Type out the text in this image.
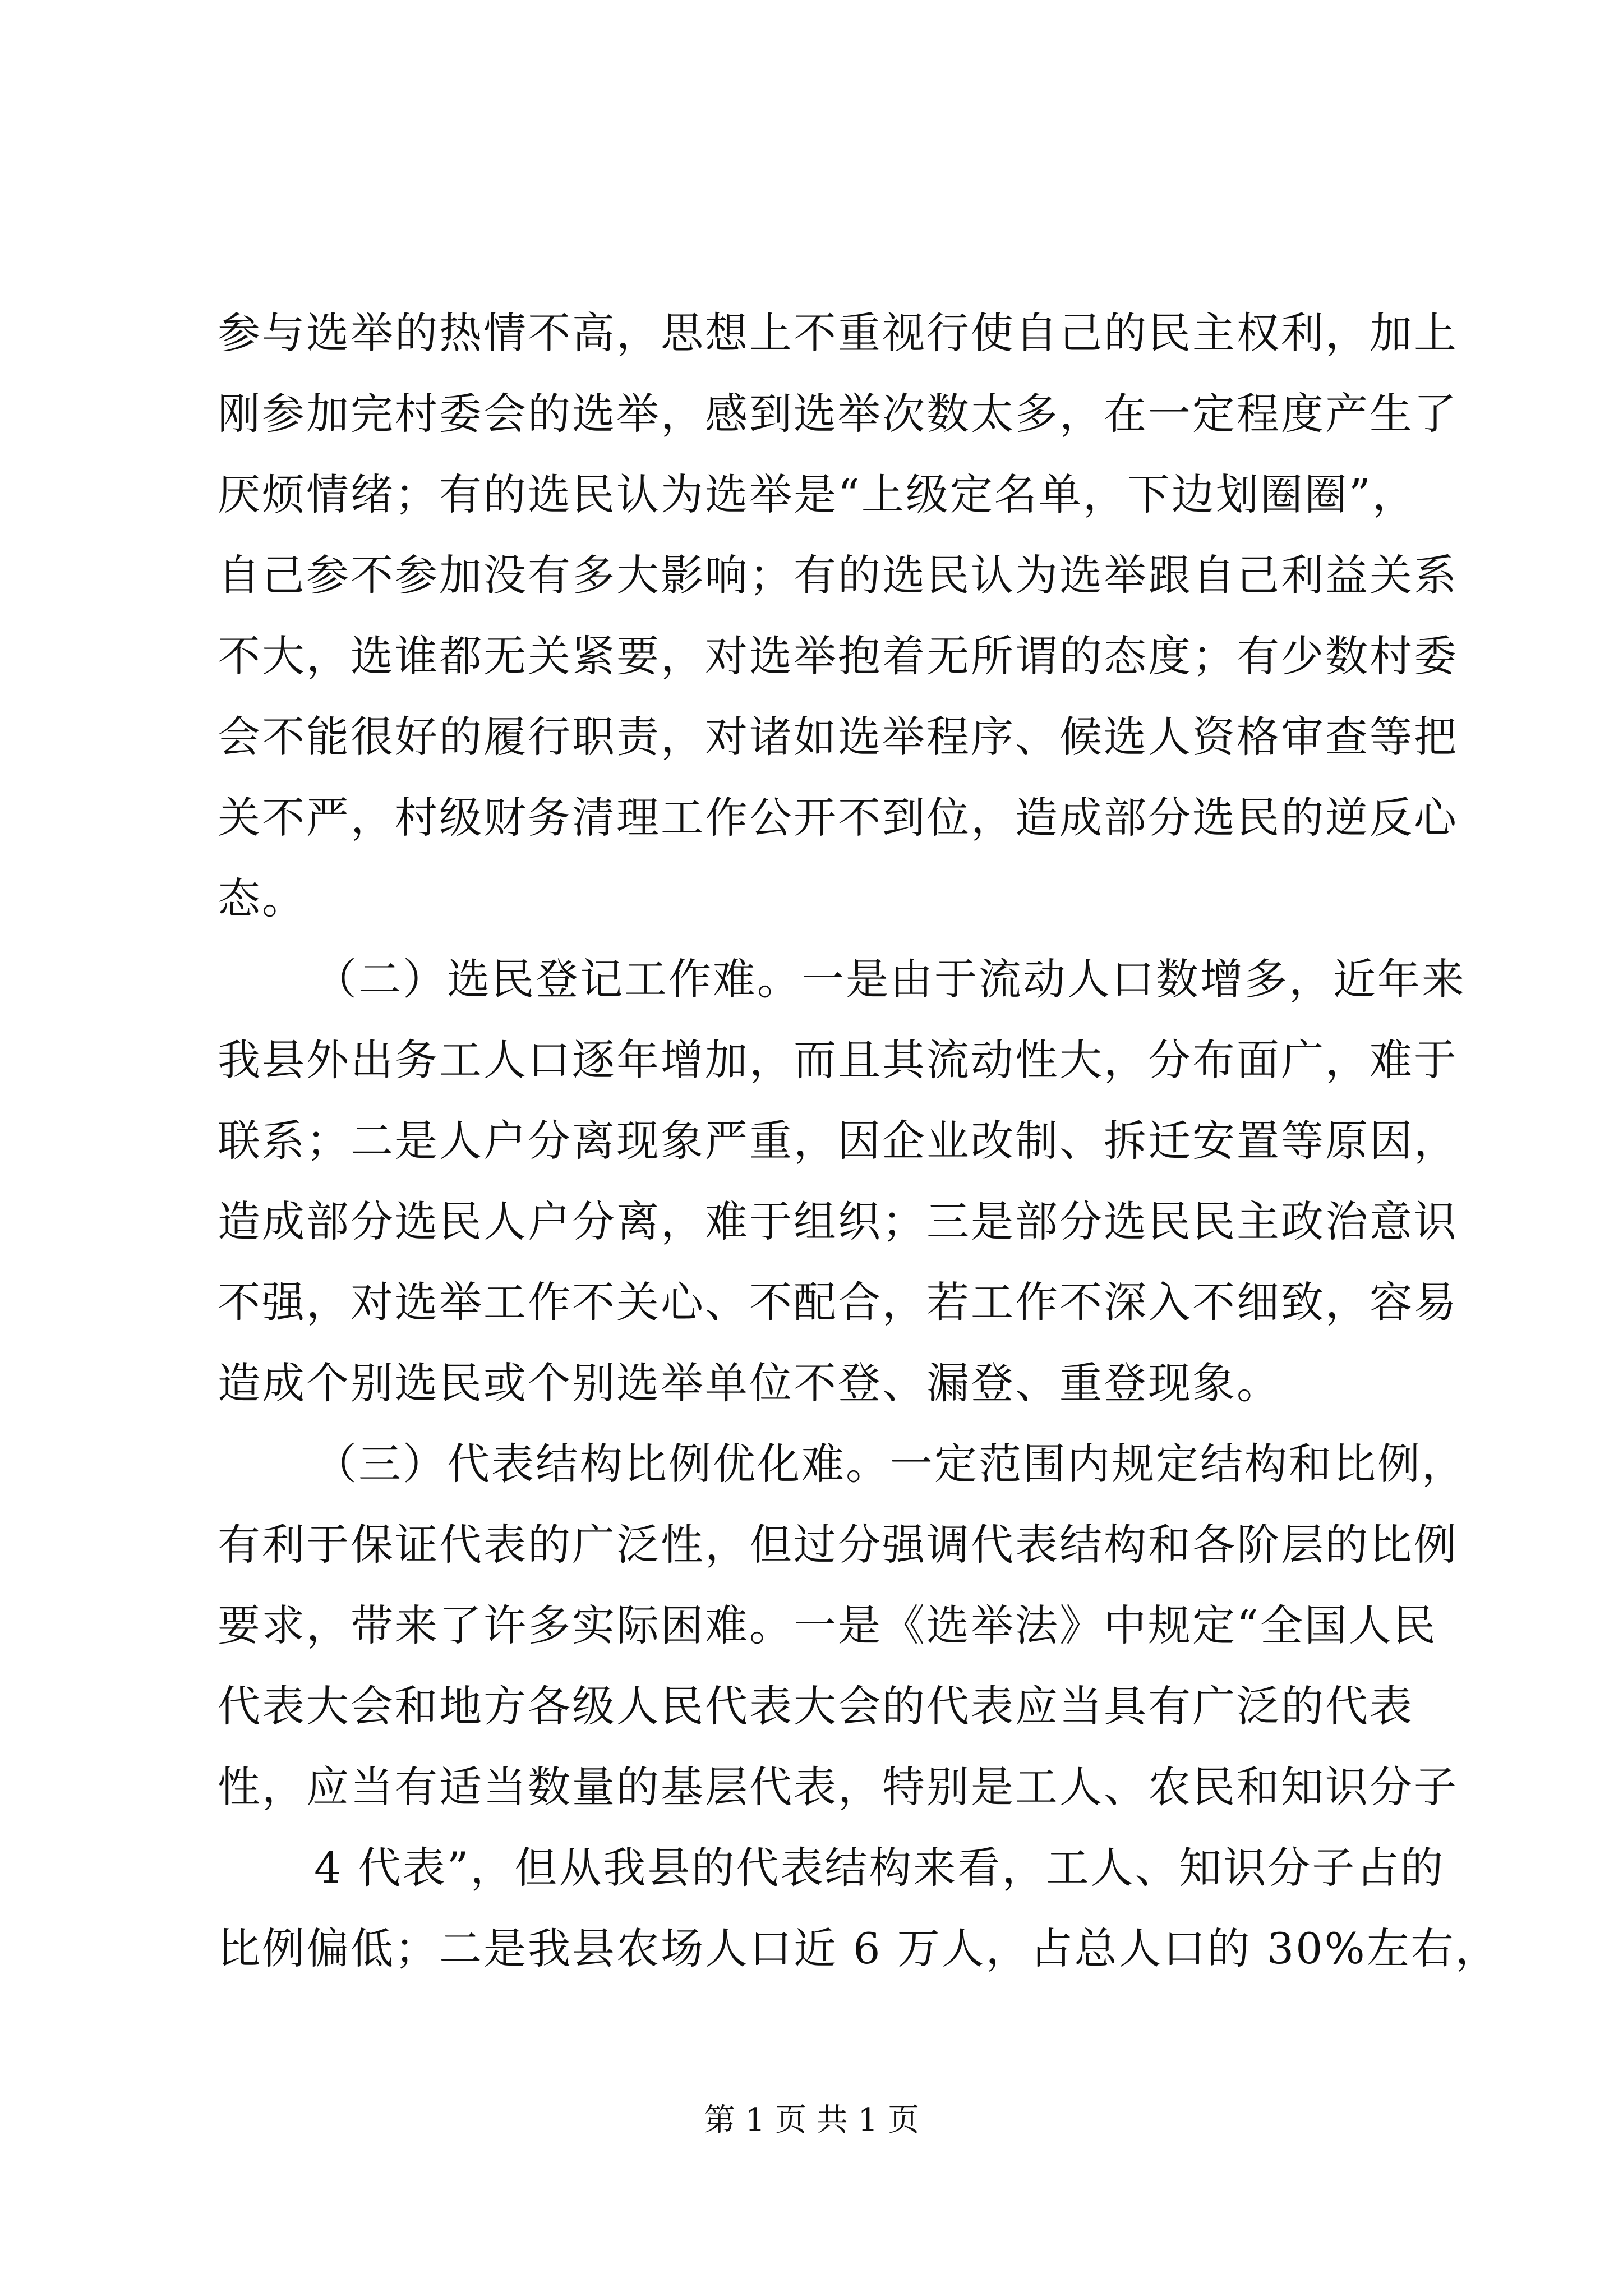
参与选举的热情不高，思想上不重视行使自己的民主权利，加上
刚参加完村委会的选举，感到选举次数太多，在一定程度产生了
厌烦情绪；有的选民认为选举是“上级定名单，下边划圈圈”，
自己参不参加没有多大影响；有的选民认为选举跟自己利益关系
不大，选谁都无关紧要，对选举抱着无所谓的态度；有少数村委
会不能很好的履行职责，对诸如选举程序、候选人资格审查等把
关不严，村级财务清理工作公开不到位，造成部分选民的逆反心
态。
（二）选民登记工作难。一是由于流动人口数增多，近年来
我县外出务工人口逐年增加，而且其流动性大，分布面广，难于
联系；二是人户分离现象严重，因企业改制、拆迁安置等原因，
造成部分选民人户分离，难于组织；三是部分选民民主政治意识
不强，对选举工作不关心、不配合，若工作不深入不细致，容易
造成个别选民或个别选举单位不登、漏登、重登现象。
（三）代表结构比例优化难。一定范围内规定结构和比例，
有利于保证代表的广泛性，但过分强调代表结构和各阶层的比例
要求，带来了许多实际困难。一是《选举法》中规定“全国人民
代表大会和地方各级人民代表大会的代表应当具有广泛的代表
性，应当有适当数量的基层代表，特别是工人、农民和知识分子
4 代表”，但从我县的代表结构来看，工人、知识分子占的
比例偏低；二是我县农场人口近 6 万人，占总人口的 30%左右，
第 1 页 共 1 页
